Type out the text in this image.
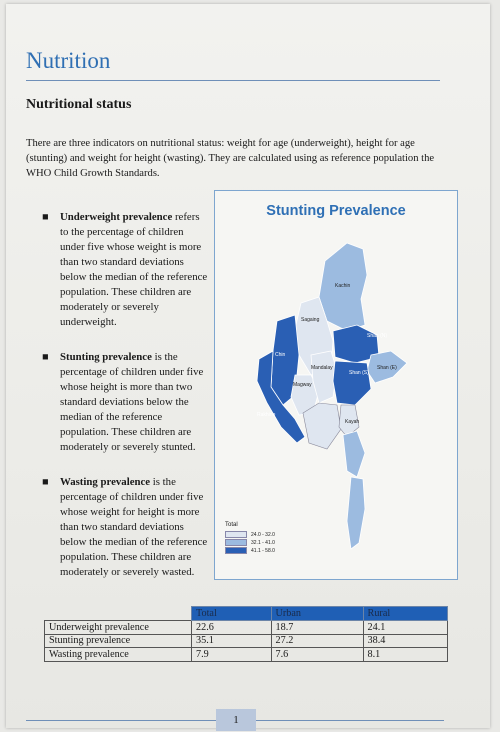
Nutrition
Nutritional status
There are three indicators on nutritional status: weight for age (underweight), height for age (stunting) and weight for height (wasting). They are calculated using as reference population the WHO Child Growth Standards.
■ Underweight prevalence refers to the percentage of children under five whose weight is more than two standard deviations below the median of the reference population. These children are moderately or severely underweight.
■ Stunting prevalence is the percentage of children under five whose height is more than two standard deviations below the median of the reference population. These children are moderately or severely stunted.
■ Wasting prevalence is the percentage of children under five whose weight for height is more than two standard deviations below the median of the reference population. These children are moderately or severely wasted.
Kachin
Sagaing
Shan (N)
Chin
Mandalay	Shan (E)
Magway
Shan (S)
Rakhine
Kayah
Stunting Prevalence
Total
24.0 - 32.0
32.1 - 41.0
41.1 - 58.0
	Total	Urban	Rural
Underweight prevalence	22.6	18.7	24.1
Stunting prevalence	35.1	27.2	38.4
Wasting prevalence	7.9	7.6	8.1
1
